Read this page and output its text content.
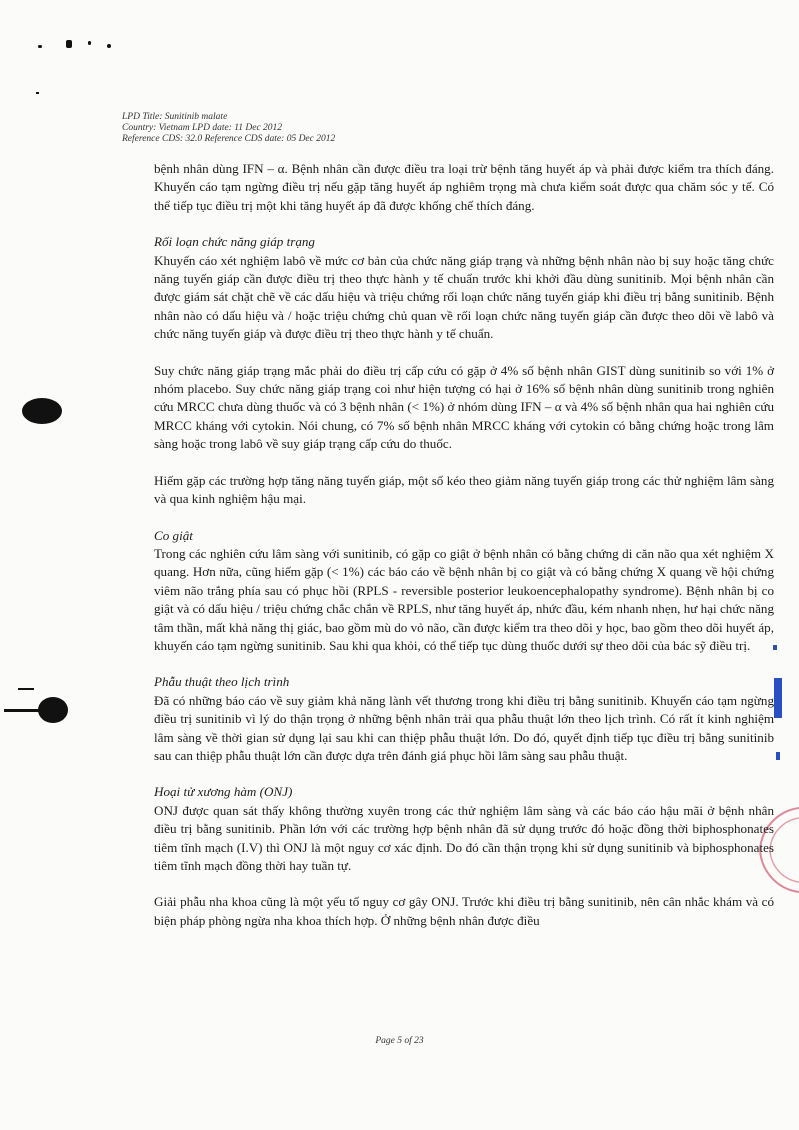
LPD Title: Sunitinib malate
Country: Vietnam LPD date: 11 Dec 2012
Reference CDS: 32.0 Reference CDS date: 05 Dec 2012

bệnh nhân dùng IFN – α. Bệnh nhân cần được điều tra loại trừ bệnh tăng huyết áp và phải được kiểm tra thích đáng. Khuyến cáo tạm ngừng điều trị nếu gặp tăng huyết áp nghiêm trọng mà chưa kiểm soát được qua chăm sóc y tế. Có thể tiếp tục điều trị một khi tăng huyết áp đã được khống chế thích đáng.

Rối loạn chức năng giáp trạng

Khuyến cáo xét nghiệm labô về mức cơ bản của chức năng giáp trạng và những bệnh nhân nào bị suy hoặc tăng chức năng tuyến giáp cần được điều trị theo thực hành y tế chuẩn trước khi khởi đầu dùng sunitinib. Mọi bệnh nhân cần được giám sát chặt chẽ về các dấu hiệu và triệu chứng rối loạn chức năng tuyến giáp khi điều trị bằng sunitinib. Bệnh nhân nào có dấu hiệu và / hoặc triệu chứng chủ quan về rối loạn chức năng tuyến giáp cần được theo dõi về labô và chức năng tuyến giáp và được điều trị theo thực hành y tế chuẩn.

Suy chức năng giáp trạng mắc phải do điều trị cấp cứu có gặp ở 4% số bệnh nhân GIST dùng sunitinib so với 1% ở nhóm placebo. Suy chức năng giáp trạng coi như hiện tượng có hại ở 16% số bệnh nhân dùng sunitinib trong nghiên cứu MRCC chưa dùng thuốc và có 3 bệnh nhân (< 1%) ở nhóm dùng IFN – α và 4% số bệnh nhân qua hai nghiên cứu MRCC kháng với cytokin. Nói chung, có 7% số bệnh nhân MRCC kháng với cytokin có bằng chứng hoặc trong lâm sàng hoặc trong labô về suy giáp trạng cấp cứu do thuốc.

Hiếm gặp các trường hợp tăng năng tuyến giáp, một số kéo theo giảm năng tuyến giáp trong các thử nghiệm lâm sàng và qua kinh nghiệm hậu mại.

Co giật

Trong các nghiên cứu lâm sàng với sunitinib, có gặp co giật ở bệnh nhân có bằng chứng di căn não qua xét nghiệm X quang. Hơn nữa, cũng hiếm gặp (< 1%) các báo cáo về bệnh nhân bị co giật và có bằng chứng X quang về hội chứng viêm não trắng phía sau có phục hồi (RPLS - reversible posterior leukoencephalopathy syndrome). Bệnh nhân bị co giật và có dấu hiệu / triệu chứng chắc chắn về RPLS, như tăng huyết áp, nhức đầu, kém nhanh nhẹn, hư hại chức năng tâm thần, mất khả năng thị giác, bao gồm mù do vỏ não, cần được kiểm tra theo dõi y học, bao gồm theo dõi huyết áp, khuyến cáo tạm ngừng sunitinib. Sau khi qua khỏi, có thể tiếp tục dùng thuốc dưới sự theo dõi của bác sỹ điều trị.

Phẫu thuật theo lịch trình

Đã có những báo cáo về suy giảm khả năng lành vết thương trong khi điều trị bằng sunitinib. Khuyến cáo tạm ngừng điều trị sunitinib vì lý do thận trọng ở những bệnh nhân trải qua phẫu thuật lớn theo lịch trình. Có rất ít kinh nghiệm lâm sàng về thời gian sử dụng lại sau khi can thiệp phẫu thuật lớn. Do đó, quyết định tiếp tục điều trị bằng sunitinib sau can thiệp phẫu thuật lớn cần được dựa trên đánh giá phục hồi lâm sàng sau phẫu thuật.

Hoại tử xương hàm (ONJ)

ONJ được quan sát thấy không thường xuyên trong các thử nghiệm lâm sàng và các báo cáo hậu mãi ở bệnh nhân điều trị bằng sunitinib. Phần lớn với các trường hợp bệnh nhân đã sử dụng trước đó hoặc đồng thời biphosphonates tiêm tĩnh mạch (I.V) thì ONJ là một nguy cơ xác định. Do đó cần thận trọng khi sử dụng sunitinib và biphosphonates tiêm tĩnh mạch đồng thời hay tuần tự.

Giải phẫu nha khoa cũng là một yếu tố nguy cơ gây ONJ. Trước khi điều trị bằng sunitinib, nên cân nhắc khám và có biện pháp phòng ngừa nha khoa thích hợp. Ở những bệnh nhân được điều

Page 5 of 23
